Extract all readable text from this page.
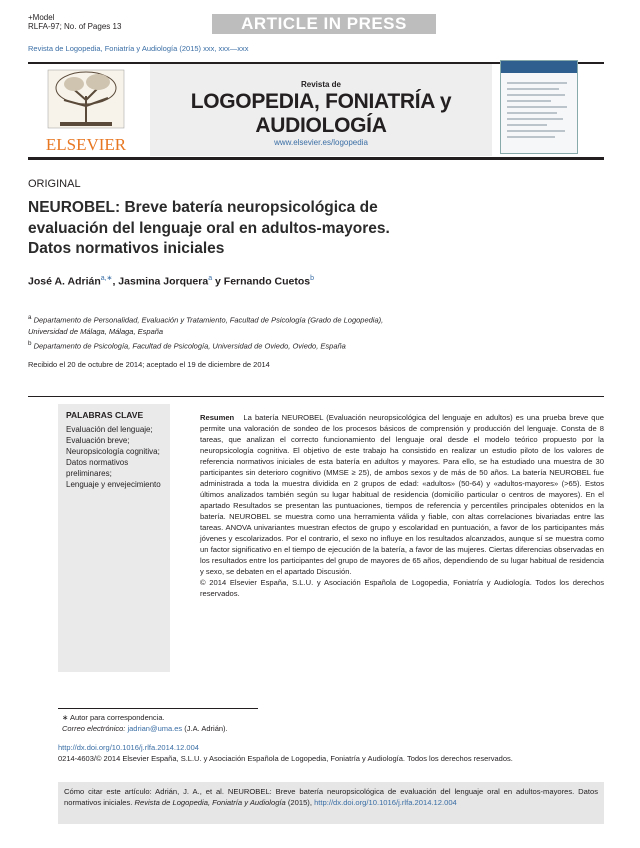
+Model
RLFA-97; No. of Pages 13	ARTICLE IN PRESS
Revista de Logopedia, Foniatría y Audiología (2015) xxx, xxx—xxx
ELSEVIER
Revista de
LOGOPEDIA, FONIATRÍA y AUDIOLOGÍA
www.elsevier.es/logopedia
ORIGINAL
NEUROBEL: Breve batería neuropsicológica de
evaluación del lenguaje oral en adultos-mayores.
Datos normativos iniciales
José A. Adrián$^{a,∗}$, Jasmina Jorquera$^a$ y Fernando Cuetos$^b$
$^a$ Departamento de Personalidad, Evaluación y Tratamiento, Facultad de Psicología (Grado de Logopedia),
Universidad de Málaga, Málaga, España
$^b$ Departamento de Psicología, Facultad de Psicología, Universidad de Oviedo, Oviedo, España
Recibido el 20 de octubre de 2014; aceptado el 19 de diciembre de 2014
PALABRAS CLAVE
Evaluación del lenguaje;
Evaluación breve;
Neuropsicología cognitiva;
Datos normativos preliminares;
Lenguaje y envejecimiento
Resumen La batería NEUROBEL (Evaluación neuropsicológica del lenguaje en adultos) es una prueba breve que permite una valoración de sondeo de los procesos básicos de comprensión y producción del lenguaje. Consta de 8 tareas, que analizan el correcto funcionamiento del lenguaje oral desde el modelo teórico propuesto por la neuropsicología cognitiva. El objetivo de este trabajo ha consistido en realizar un estudio piloto de los valores de referencia normativos iniciales de esta batería en adultos y mayores. Para ello, se ha estudiado una muestra de 30 participantes sin deterioro cognitivo (MMSE ≥ 25), de ambos sexos y de más de 50 años. La batería NEUROBEL fue administrada a toda la muestra dividida en 2 grupos de edad: «adultos» (50-64) y «adultos-mayores» (>65). Estos últimos analizados también según su lugar habitual de residencia (domicilio particular o centros de mayores). En el apartado Resultados se presentan las puntuaciones, tiempos de referencia y percentiles principales obtenidos en la batería. NEUROBEL se muestra como una herramienta válida y fiable, con altas correlaciones bivariadas entre las tareas. ANOVA univariantes muestran efectos de grupo y escolaridad en puntuación, a favor de los participantes más jóvenes y escolarizados. Por el contrario, el sexo no influye en los resultados alcanzados, aunque sí se muestra como un factor significativo en el tiempo de ejecución de la batería, a favor de las mujeres. Ciertas diferencias observadas en los resultados entre los participantes del grupo de mayores de 65 años, dependiendo de su lugar habitual de residencia y sexo, se debaten en el apartado Discusión.
© 2014 Elsevier España, S.L.U. y Asociación Española de Logopedia, Foniatría y Audiología. Todos los derechos reservados.
∗ Autor para correspondencia.
Correo electrónico: jadrian@uma.es (J.A. Adrián).
http://dx.doi.org/10.1016/j.rlfa.2014.12.004
0214-4603/© 2014 Elsevier España, S.L.U. y Asociación Española de Logopedia, Foniatría y Audiología. Todos los derechos reservados.
Cómo citar este artículo: Adrián, J. A., et al. NEUROBEL: Breve batería neuropsicológica de evaluación del lenguaje oral en adultos-mayores. Datos normativos iniciales. Revista de Logopedia, Foniatría y Audiología (2015), http://dx.doi.org/10.1016/j.rlfa.2014.12.004
